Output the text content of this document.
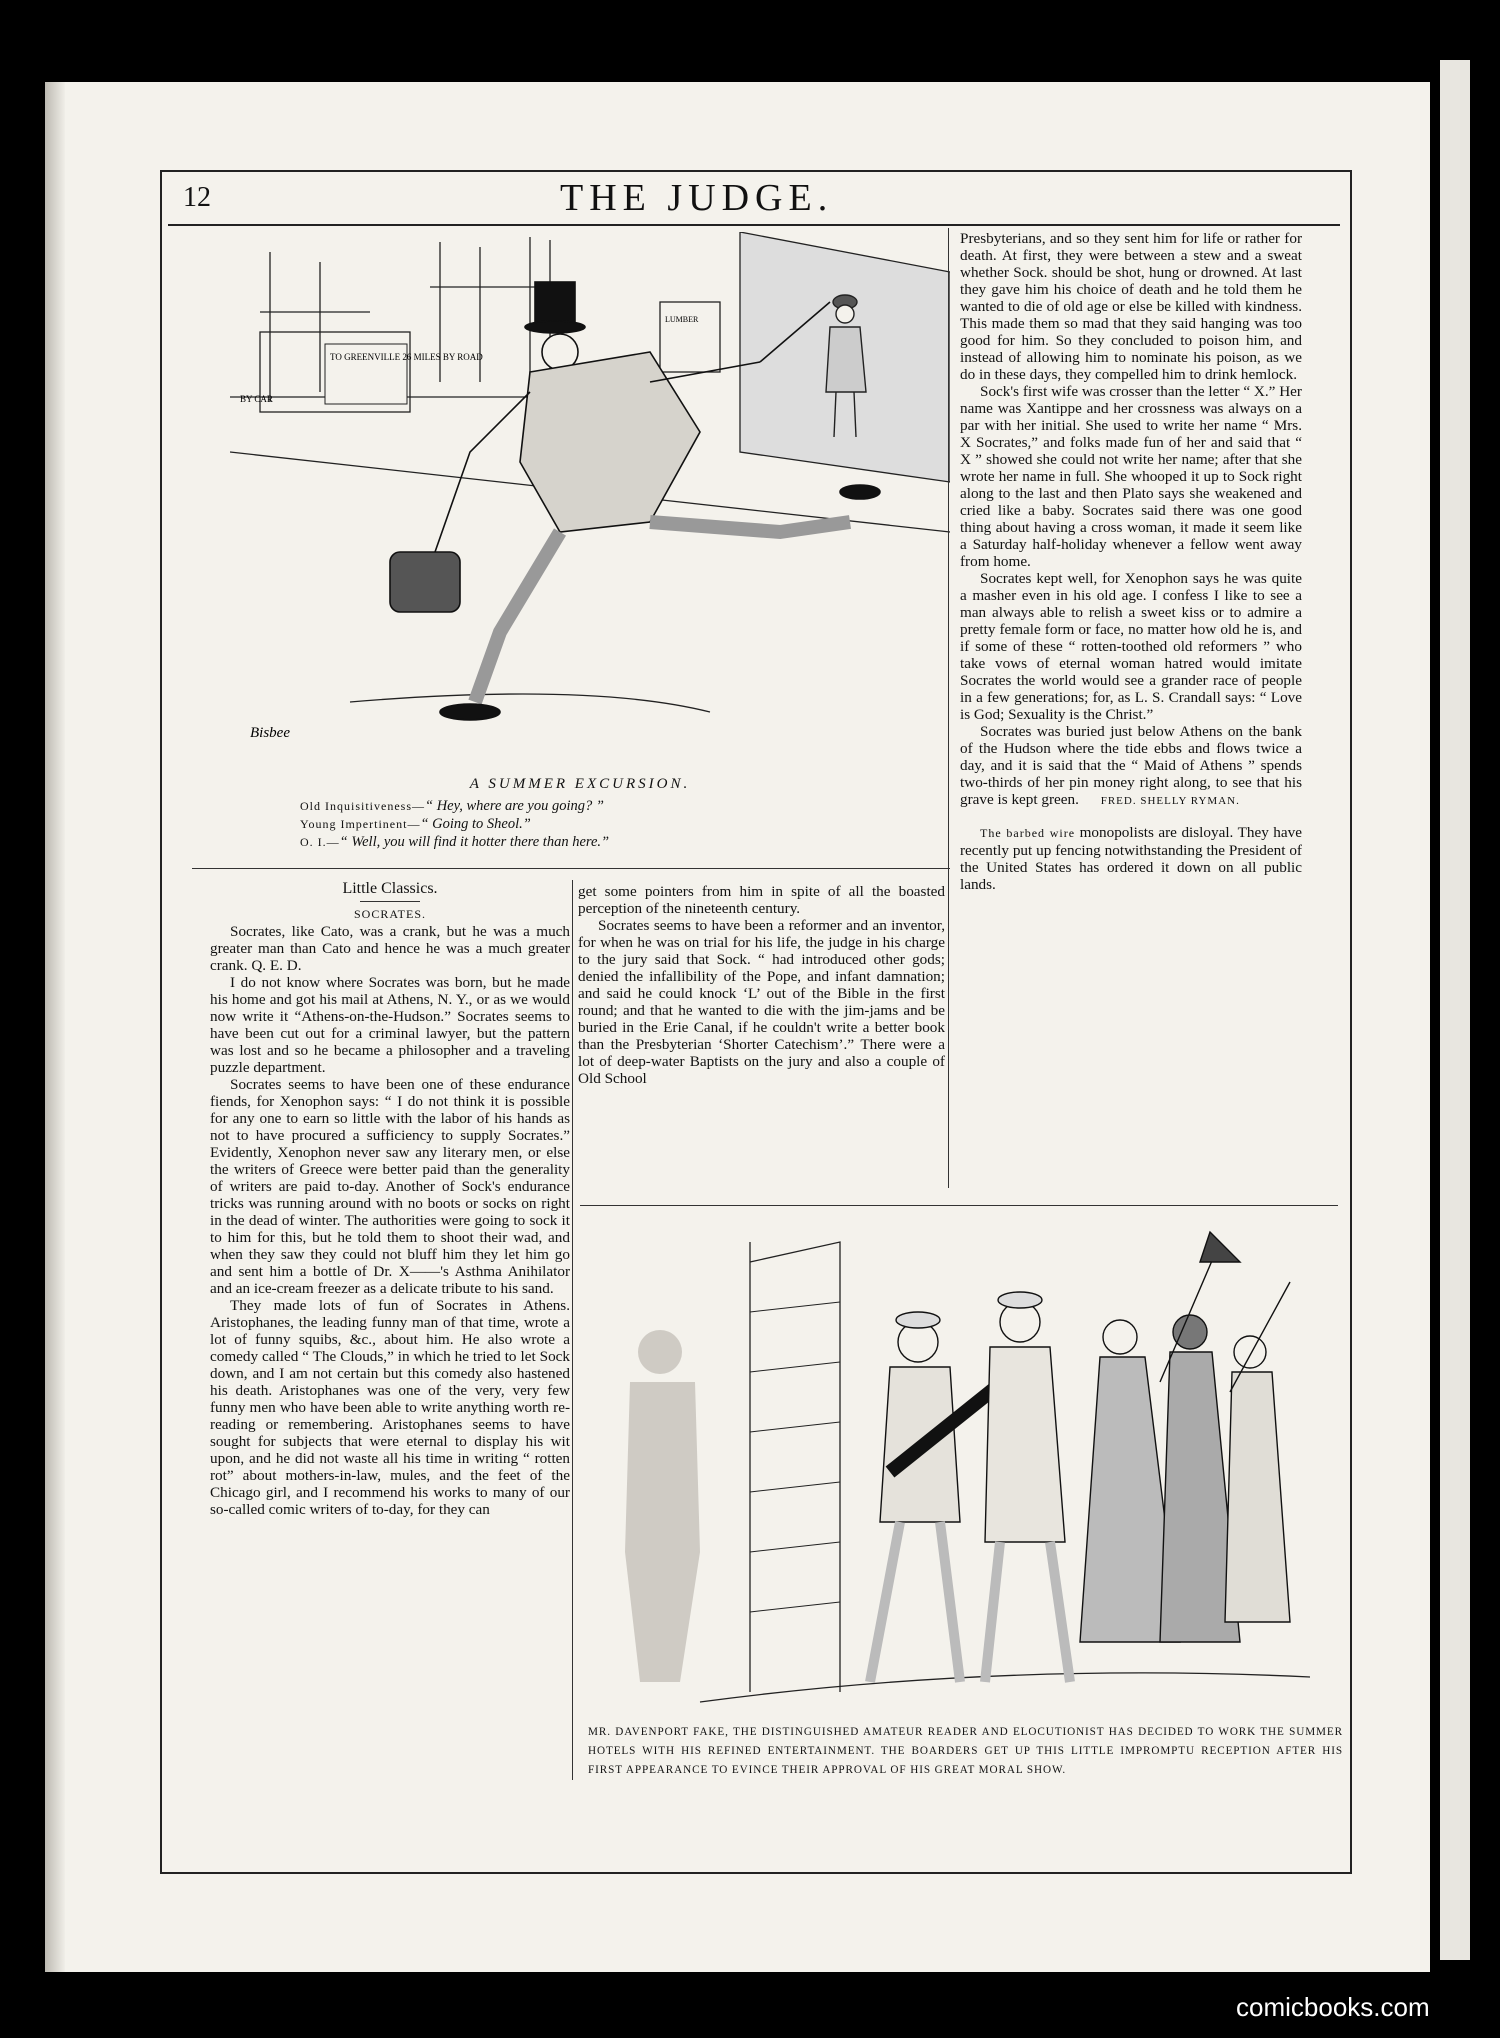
12	THE JUDGE.
TO GREENVILLE 26 MILES BY ROAD
BY CAR
LUMBER
Bisbee
A SUMMER EXCURSION.
Old Inquisitiveness—“ Hey, where are you going? ”
Young Impertinent—“ Going to Sheol.”
O. I.—“ Well, you will find it hotter there than here.”

Little Classics.

SOCRATES.

Socrates, like Cato, was a crank, but he was a much greater man than Cato and hence he was a much greater crank. Q. E. D.

I do not know where Socrates was born, but he made his home and got his mail at Athens, N. Y., or as we would now write it “Athens-on-the-Hudson.” Socrates seems to have been cut out for a criminal lawyer, but the pattern was lost and so he became a philosopher and a traveling puzzle department.

Socrates seems to have been one of these endurance fiends, for Xenophon says: “ I do not think it is possible for any one to earn so little with the labor of his hands as not to have procured a sufficiency to supply Socrates.” Evidently, Xenophon never saw any literary men, or else the writers of Greece were better paid than the generality of writers are paid to-day. Another of Sock's endurance tricks was running around with no boots or socks on right in the dead of winter. The authorities were going to sock it to him for this, but he told them to shoot their wad, and when they saw they could not bluff him they let him go and sent him a bottle of Dr. X——'s Asthma Anihilator and an ice-cream freezer as a delicate tribute to his sand.

They made lots of fun of Socrates in Athens. Aristophanes, the leading funny man of that time, wrote a lot of funny squibs, &c., about him. He also wrote a comedy called “ The Clouds,” in which he tried to let Sock down, and I am not certain but this comedy also hastened his death. Aristophanes was one of the very, very few funny men who have been able to write anything worth re-reading or remembering. Aristophanes seems to have sought for subjects that were eternal to display his wit upon, and he did not waste all his time in writing “ rotten rot” about mothers-in-law, mules, and the feet of the Chicago girl, and I recommend his works to many of our so-called comic writers of to-day, for they can

get some pointers from him in spite of all the boasted perception of the nineteenth century.

Socrates seems to have been a reformer and an inventor, for when he was on trial for his life, the judge in his charge to the jury said that Sock. “ had introduced other gods; denied the infallibility of the Pope, and infant damnation; and said he could knock ‘L’ out of the Bible in the first round; and that he wanted to die with the jim-jams and be buried in the Erie Canal, if he couldn't write a better book than the Presbyterian ‘Shorter Catechism’.” There were a lot of deep-water Baptists on the jury and also a couple of Old School

Presbyterians, and so they sent him for life or rather for death. At first, they were between a stew and a sweat whether Sock. should be shot, hung or drowned. At last they gave him his choice of death and he told them he wanted to die of old age or else be killed with kindness. This made them so mad that they said hanging was too good for him. So they concluded to poison him, and instead of allowing him to nominate his poison, as we do in these days, they compelled him to drink hemlock.

Sock's first wife was crosser than the letter “ X.” Her name was Xantippe and her crossness was always on a par with her initial. She used to write her name “ Mrs. X Socrates,” and folks made fun of her and said that “ X ” showed she could not write her name; after that she wrote her name in full. She whooped it up to Sock right along to the last and then Plato says she weakened and cried like a baby. Socrates said there was one good thing about having a cross woman, it made it seem like a Saturday half-holiday whenever a fellow went away from home.

Socrates kept well, for Xenophon says he was quite a masher even in his old age. I confess I like to see a man always able to relish a sweet kiss or to admire a pretty female form or face, no matter how old he is, and if some of these “ rotten-toothed old reformers ” who take vows of eternal woman hatred would imitate Socrates the world would see a grander race of people in a few generations; for, as L. S. Crandall says: “ Love is God; Sexuality is the Christ.”

Socrates was buried just below Athens on the bank of the Hudson where the tide ebbs and flows twice a day, and it is said that the “ Maid of Athens ” spends two-thirds of her pin money right along, to see that his grave is kept green. FRED. SHELLY RYMAN.

The barbed wire monopolists are disloyal. They have recently put up fencing notwithstanding the President of the United States has ordered it down on all public lands.

MR. DAVENPORT FAKE, THE DISTINGUISHED AMATEUR READER AND ELOCUTIONIST HAS DECIDED TO WORK THE SUMMER HOTELS WITH HIS REFINED ENTERTAINMENT. THE BOARDERS GET UP THIS LITTLE IMPROMPTU RECEPTION AFTER HIS FIRST APPEARANCE TO EVINCE THEIR APPROVAL OF HIS GREAT MORAL SHOW.
comicbooks.com
